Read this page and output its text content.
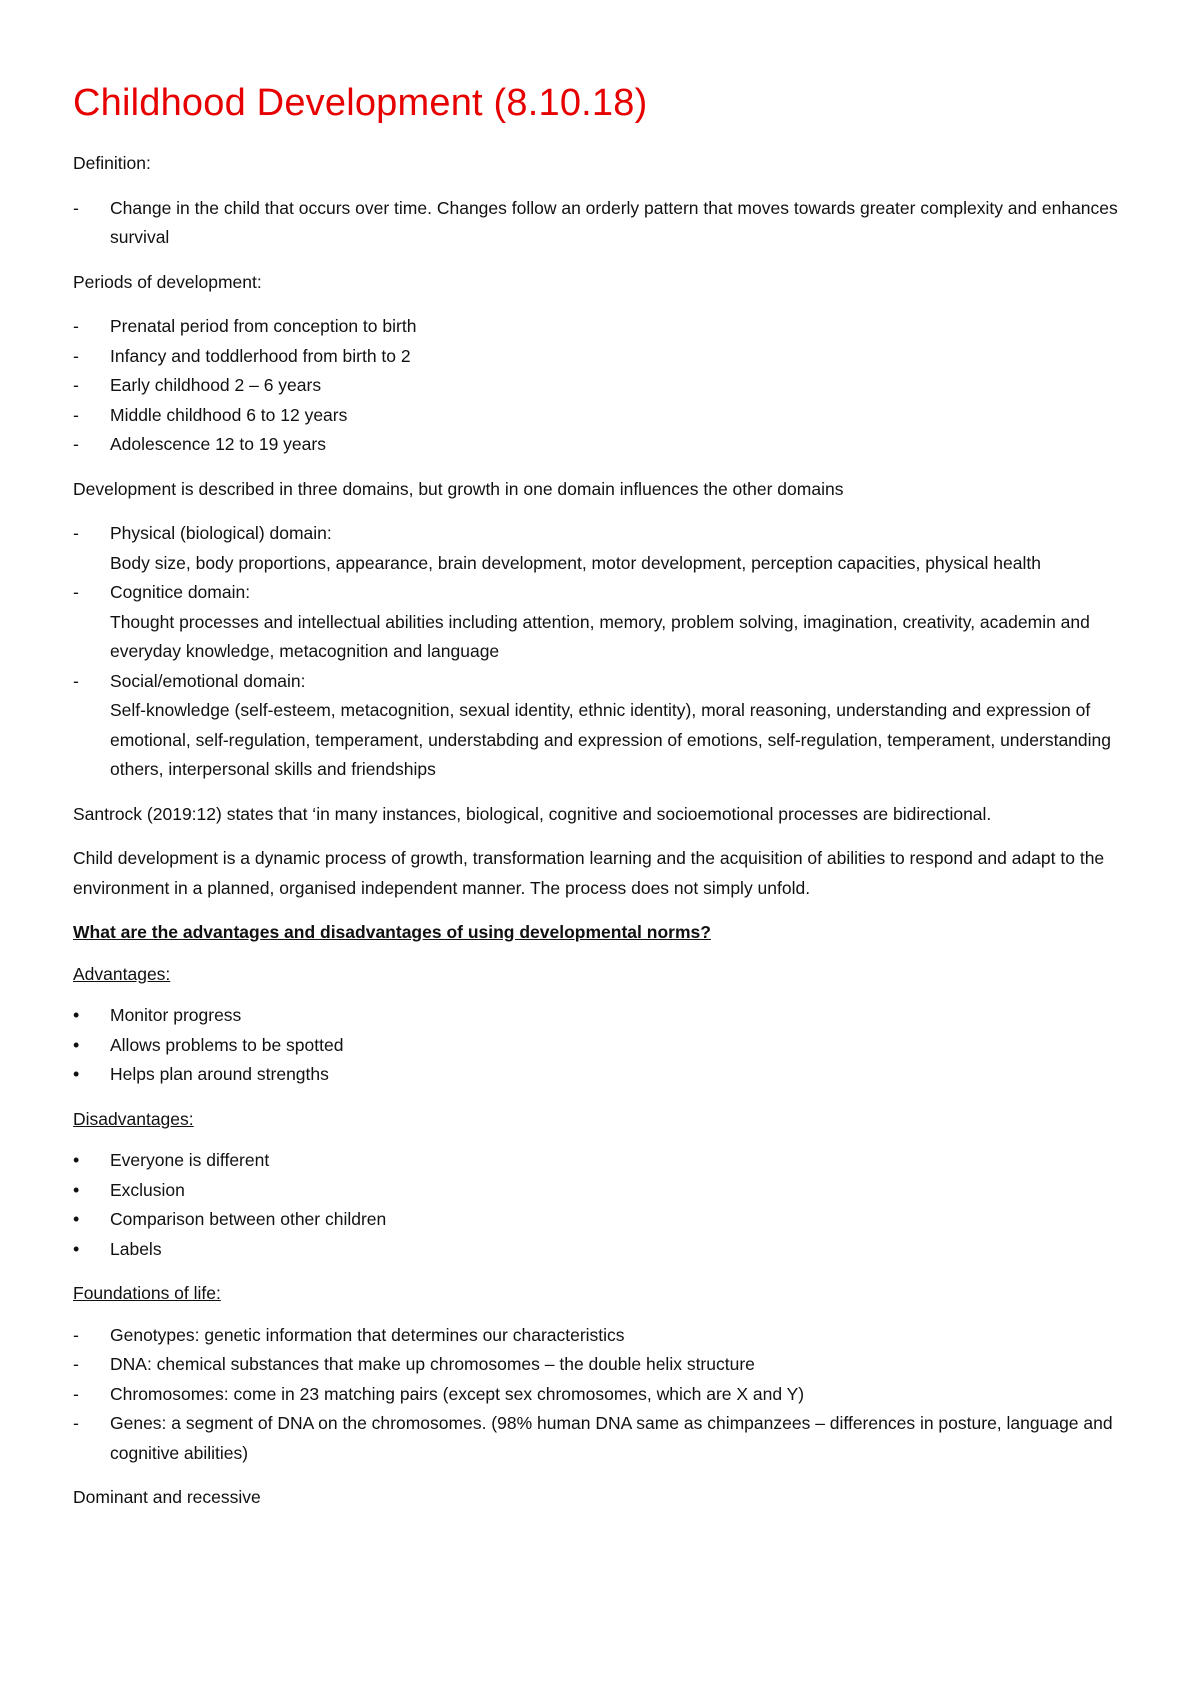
Childhood Development (8.10.18)

Definition:

- Change in the child that occurs over time. Changes follow an orderly pattern that moves towards greater complexity and enhances survival

Periods of development:

- Prenatal period from conception to birth
- Infancy and toddlerhood from birth to 2
- Early childhood 2 – 6 years
- Middle childhood 6 to 12 years
- Adolescence 12 to 19 years

Development is described in three domains, but growth in one domain influences the other domains

- Physical (biological) domain:
Body size, body proportions, appearance, brain development, motor development, perception capacities, physical health
- Cognitice domain:
Thought processes and intellectual abilities including attention, memory, problem solving, imagination, creativity, academin and everyday knowledge, metacognition and language
- Social/emotional domain:
Self-knowledge (self-esteem, metacognition, sexual identity, ethnic identity), moral reasoning, understanding and expression of emotional, self-regulation, temperament, understabding and expression of emotions, self-regulation, temperament, understanding others, interpersonal skills and friendships

Santrock (2019:12) states that ‘in many instances, biological, cognitive and socioemotional processes are bidirectional.

Child development is a dynamic process of growth, transformation learning and the acquisition of abilities to respond and adapt to the environment in a planned, organised independent manner. The process does not simply unfold.

What are the advantages and disadvantages of using developmental norms?

Advantages:

• Monitor progress
• Allows problems to be spotted
• Helps plan around strengths

Disadvantages:

• Everyone is different
• Exclusion
• Comparison between other children
• Labels

Foundations of life:

- Genotypes: genetic information that determines our characteristics
- DNA: chemical substances that make up chromosomes – the double helix structure
- Chromosomes: come in 23 matching pairs (except sex chromosomes, which are X and Y)
- Genes: a segment of DNA on the chromosomes. (98% human DNA same as chimpanzees – differences in posture, language and cognitive abilities)

Dominant and recessive
